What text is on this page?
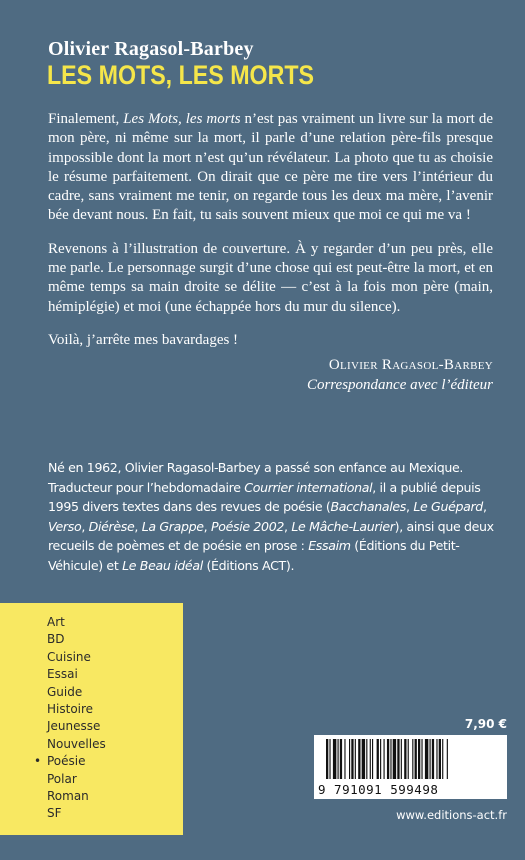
Olivier Ragasol-Barbey
LES MOTS, LES MORTS

Finalement, Les Mots, les morts n’est pas vraiment un livre sur la mort de mon père, ni même sur la mort, il parle d’une relation père-fils presque impossible dont la mort n’est qu’un révélateur. La photo que tu as choisie le résume parfaitement. On dirait que ce père me tire vers l’intérieur du cadre, sans vraiment me tenir, on regarde tous les deux ma mère, l’avenir bée devant nous. En fait, tu sais souvent mieux que moi ce qui me va !

Revenons à l’illustration de couverture. À y regarder d’un peu près, elle me parle. Le personnage surgit d’une chose qui est peut-être la mort, et en même temps sa main droite se délite — c’est à la fois mon père (main, hémiplégie) et moi (une échappée hors du mur du silence).

Voilà, j’arrête mes bavardages !

Olivier Ragasol-Barbey
Correspondance avec l’éditeur
Né en 1962, Olivier Ragasol-Barbey a passé son enfance au Mexique. Traducteur pour l’hebdomadaire Courrier international, il a publié depuis 1995 divers textes dans des revues de poésie (Bacchanales, Le Guépard, Verso, Diérèse, La Grappe, Poésie 2002, Le Mâche-Laurier), ainsi que deux recueils de poèmes et de poésie en prose : Essaim (Éditions du Petit-Véhicule) et Le Beau idéal (Éditions ACT).
Art
BD
Cuisine
Essai
Guide
Histoire
Jeunesse
Nouvelles
• Poésie
Polar
Roman
SF
7,90 €
9 791091 599498
www.editions-act.fr
